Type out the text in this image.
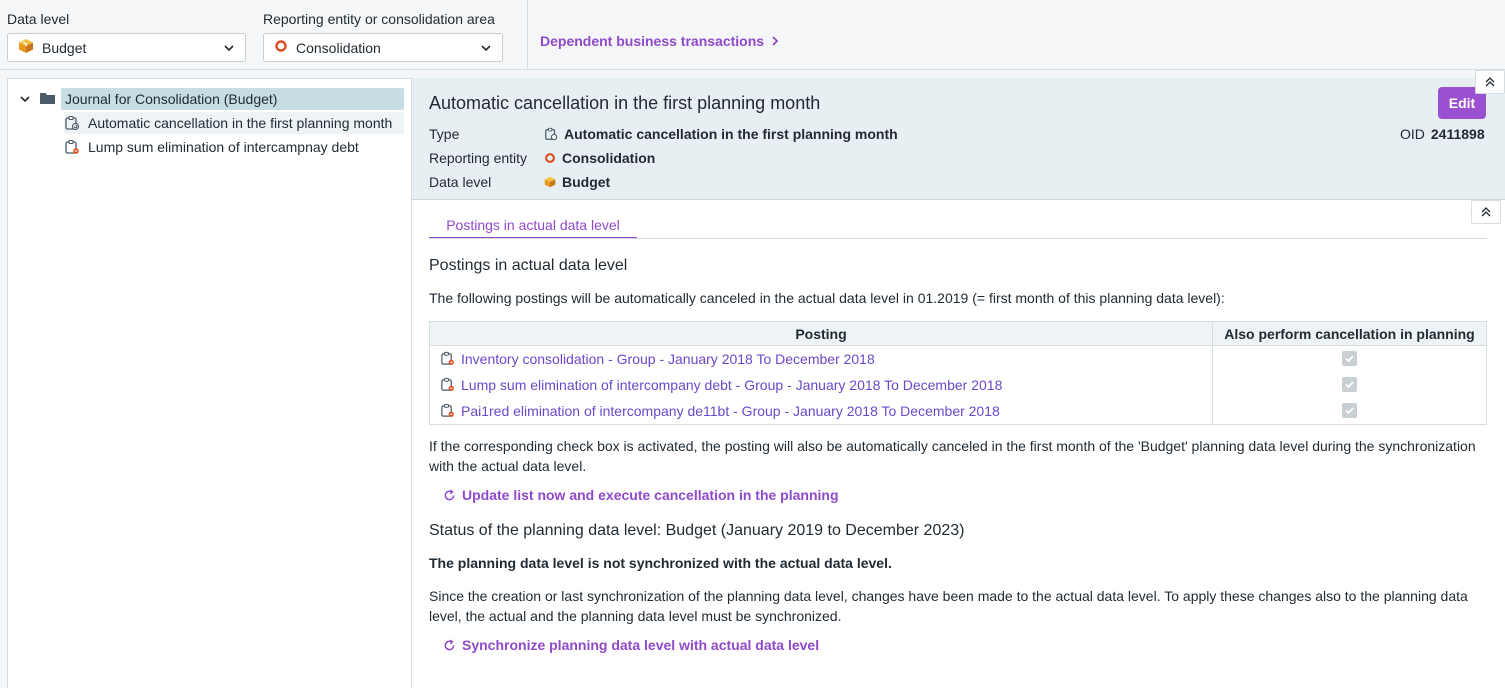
Data level
Budget
Reporting entity or consolidation area
Consolidation	Dependent business transactions
Journal for Consolidation (Budget)
Automatic cancellation in the first planning month
Lump sum elimination of intercampnay debt
Automatic cancellation in the first planning month	Edit
Type	Automatic cancellation in the first planning month
Reporting entity	Consolidation
Data level	Budget
OID 2411898
Postings in actual data level
Postings in actual data level
The following postings will be automatically canceled in the actual data level in 01.2019 (= first month of this planning data level):
Posting	Also perform cancellation in planning

Inventory consolidation - Group - January 2018 To December 2018

Lump sum elimination of intercompany debt - Group - January 2018 To December 2018

Pai1red elimination of intercompany de11bt - Group - January 2018 To December 2018

If the corresponding check box is activated, the posting will also be automatically canceled in the first month of the 'Budget' planning data level during the synchronization with the actual data level.
Update list now and execute cancellation in the planning
Status of the planning data level: Budget (January 2019 to December 2023)
The planning data level is not synchronized with the actual data level.
Since the creation or last synchronization of the planning data level, changes have been made to the actual data level. To apply these changes also to the planning data level, the actual and the planning data level must be synchronized.
Synchronize planning data level with actual data level
